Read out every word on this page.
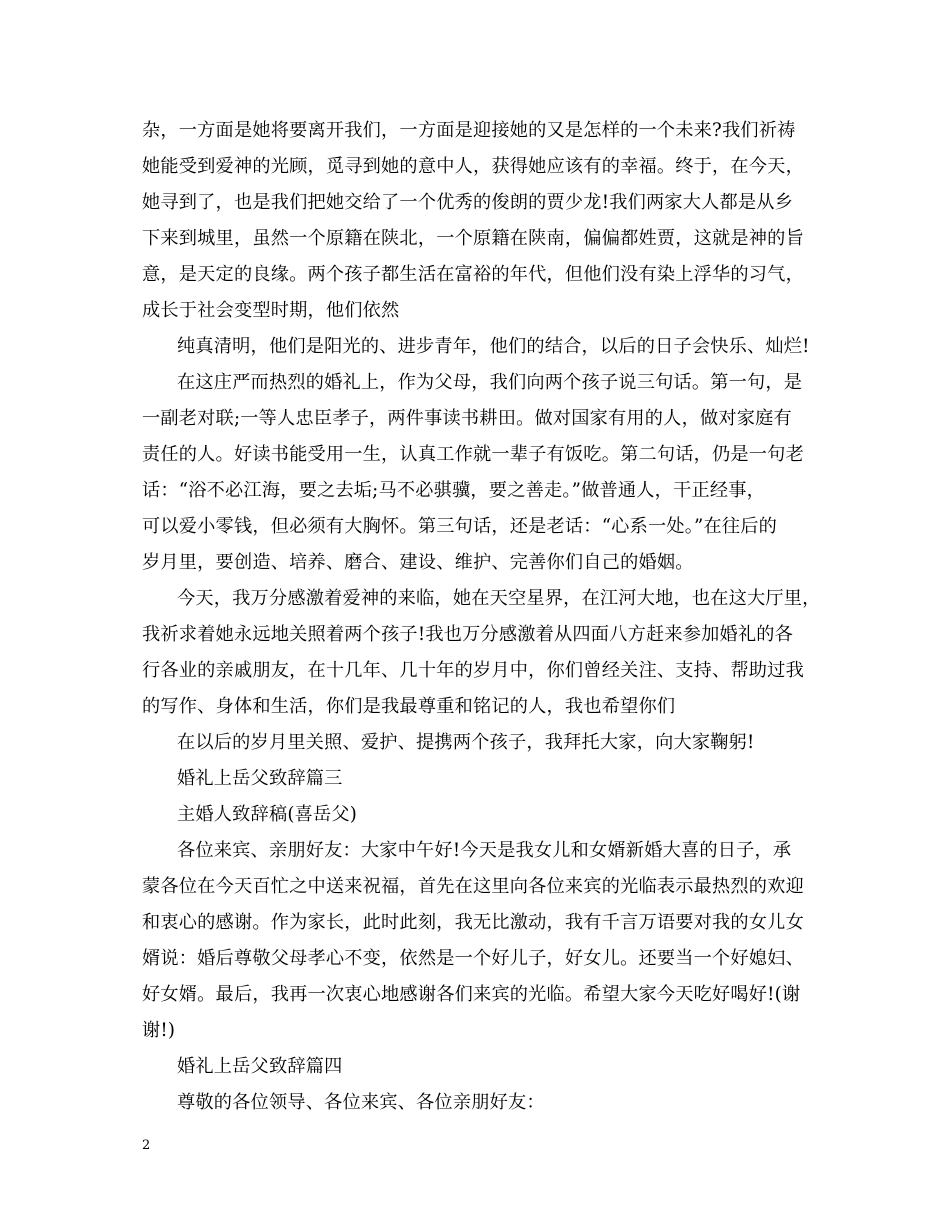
杂，一方面是她将要离开我们，一方面是迎接她的又是怎样的一个未来?我们祈祷
她能受到爱神的光顾，觅寻到她的意中人，获得她应该有的幸福。终于，在今天，
她寻到了，也是我们把她交给了一个优秀的俊朗的贾少龙!我们两家大人都是从乡
下来到城里，虽然一个原籍在陕北，一个原籍在陕南，偏偏都姓贾，这就是神的旨
意，是天定的良缘。两个孩子都生活在富裕的年代，但他们没有染上浮华的习气，
成长于社会变型时期，他们依然
纯真清明，他们是阳光的、进步青年，他们的结合，以后的日子会快乐、灿烂!
在这庄严而热烈的婚礼上，作为父母，我们向两个孩子说三句话。第一句，是
一副老对联;一等人忠臣孝子，两件事读书耕田。做对国家有用的人，做对家庭有
责任的人。好读书能受用一生，认真工作就一辈子有饭吃。第二句话，仍是一句老
话：“浴不必江海，要之去垢;马不必骐骥，要之善走。”做普通人，干正经事，
可以爱小零钱，但必须有大胸怀。第三句话，还是老话：“心系一处。”在往后的
岁月里，要创造、培养、磨合、建设、维护、完善你们自己的婚姻。
今天，我万分感激着爱神的来临，她在天空星界，在江河大地，也在这大厅里，
我祈求着她永远地关照着两个孩子!我也万分感激着从四面八方赶来参加婚礼的各
行各业的亲戚朋友，在十几年、几十年的岁月中，你们曾经关注、支持、帮助过我
的写作、身体和生活，你们是我最尊重和铭记的人，我也希望你们
在以后的岁月里关照、爱护、提携两个孩子，我拜托大家，向大家鞠躬!
婚礼上岳父致辞篇三
主婚人致辞稿(喜岳父)
各位来宾、亲朋好友：大家中午好!今天是我女儿和女婿新婚大喜的日子，承
蒙各位在今天百忙之中送来祝福，首先在这里向各位来宾的光临表示最热烈的欢迎
和衷心的感谢。作为家长，此时此刻，我无比激动，我有千言万语要对我的女儿女
婿说：婚后尊敬父母孝心不变，依然是一个好儿子，好女儿。还要当一个好媳妇、
好女婿。最后，我再一次衷心地感谢各们来宾的光临。希望大家今天吃好喝好!(谢
谢!)
婚礼上岳父致辞篇四
尊敬的各位领导、各位来宾、各位亲朋好友：
2
